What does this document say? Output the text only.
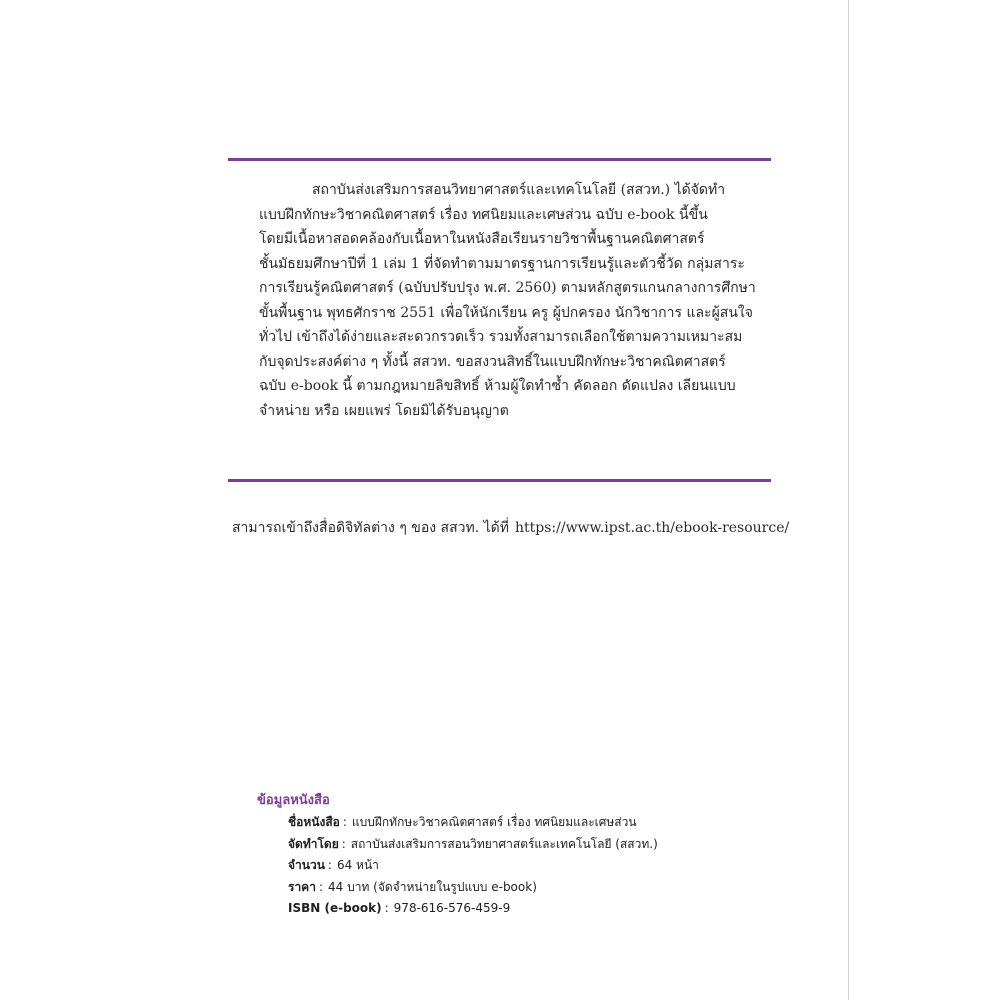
สถาบันส่งเสริมการสอนวิทยาศาสตร์และเทคโนโลยี (สสวท.) ได้จัดทำ
แบบฝึกทักษะวิชาคณิตศาสตร์ เรื่อง ทศนิยมและเศษส่วน ฉบับ e-book นี้ขึ้น
โดยมีเนื้อหาสอดคล้องกับเนื้อหาในหนังสือเรียนรายวิชาพื้นฐานคณิตศาสตร์
ชั้นมัธยมศึกษาปีที่ 1 เล่ม 1 ที่จัดทำตามมาตรฐานการเรียนรู้และตัวชี้วัด กลุ่มสาระ
การเรียนรู้คณิตศาสตร์ (ฉบับปรับปรุง พ.ศ. 2560) ตามหลักสูตรแกนกลางการศึกษา
ขั้นพื้นฐาน พุทธศักราช 2551 เพื่อให้นักเรียน ครู ผู้ปกครอง นักวิชาการ และผู้สนใจ
ทั่วไป เข้าถึงได้ง่ายและสะดวกรวดเร็ว รวมทั้งสามารถเลือกใช้ตามความเหมาะสม
กับจุดประสงค์ต่าง ๆ ทั้งนี้ สสวท. ขอสงวนสิทธิ์ในแบบฝึกทักษะวิชาคณิตศาสตร์
ฉบับ e-book นี้ ตามกฎหมายลิขสิทธิ์ ห้ามผู้ใดทำซ้ำ คัดลอก ดัดแปลง เลียนแบบ
จำหน่าย หรือ เผยแพร่ โดยมิได้รับอนุญาต

สามารถเข้าถึงสื่อดิจิทัลต่าง ๆ ของ สสวท. ได้ที่ https://www.ipst.ac.th/ebook-resource/
ข้อมูลหนังสือ
ชื่อหนังสือ : แบบฝึกทักษะวิชาคณิตศาสตร์ เรื่อง ทศนิยมและเศษส่วน
จัดทำโดย : สถาบันส่งเสริมการสอนวิทยาศาสตร์และเทคโนโลยี (สสวท.)
จำนวน : 64 หน้า
ราคา : 44 บาท (จัดจำหน่ายในรูปแบบ e-book)
ISBN (e-book) : 978-616-576-459-9
